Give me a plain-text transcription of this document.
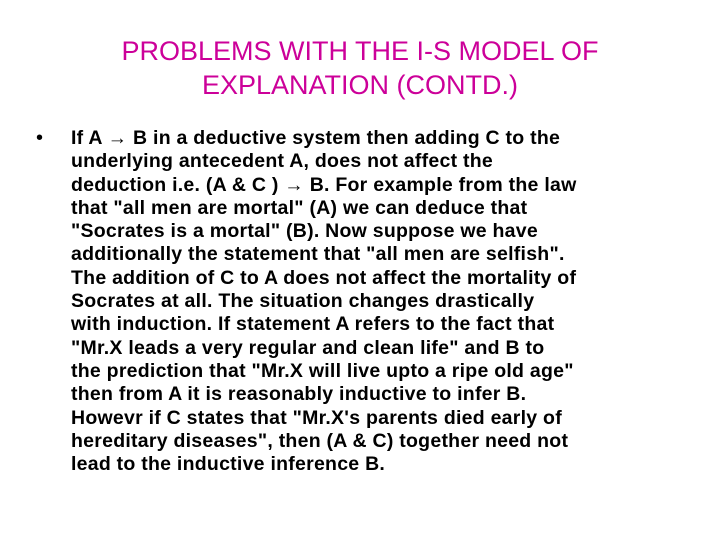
PROBLEMS WITH THE I-S MODEL OF
EXPLANATION (CONTD.)
• If A → B in a deductive system then adding C to the
underlying antecedent A, does not affect the
deduction i.e. (A & C ) → B. For example from the law
that "all men are mortal" (A) we can deduce that
"Socrates is a mortal" (B). Now suppose we have
additionally the statement that "all men are selfish".
The addition of C to A does not affect the mortality of
Socrates at all. The situation changes drastically
with induction. If statement A refers to the fact that
"Mr.X leads a very regular and clean life" and B to
the prediction that "Mr.X will live upto a ripe old age"
then from A it is reasonably inductive to infer B.
Howevr if C states that "Mr.X's parents died early of
hereditary diseases", then (A & C) together need not
lead to the inductive inference B.
